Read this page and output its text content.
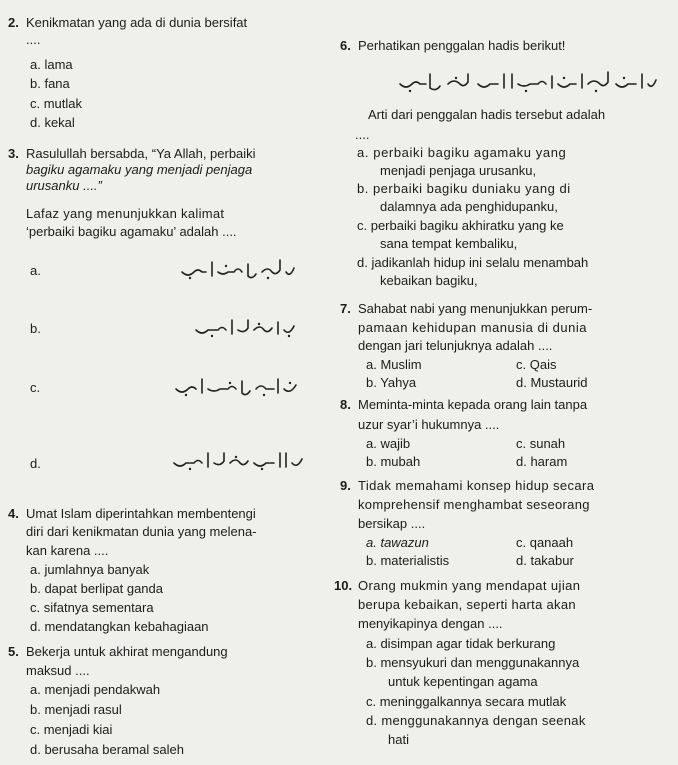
2. Kenikmatan yang ada di dunia bersifat
....
a. lama
b. fana
c. mutlak
d. kekal
3. Rasulullah bersabda, “Ya Allah, perbaiki
bagiku agamaku yang menjadi penjaga
urusanku ....”
Lafaz yang menunjukkan kalimat
‘perbaiki bagiku agamaku’ adalah ....
a.
b.
c.
d.
4. Umat Islam diperintahkan membentengi
diri dari kenikmatan dunia yang melena-
kan karena ....
a. jumlahnya banyak
b. dapat berlipat ganda
c. sifatnya sementara
d. mendatangkan kebahagiaan
5. Bekerja untuk akhirat mengandung
maksud ....
a. menjadi pendakwah
b. menjadi rasul
c. menjadi kiai
d. berusaha beramal saleh
6. Perhatikan penggalan hadis berikut!
Arti dari penggalan hadis tersebut adalah
....
a. perbaiki bagiku agamaku yang
menjadi penjaga urusanku,
b. perbaiki bagiku duniaku yang di
dalamnya ada penghidupanku,
c. perbaiki bagiku akhiratku yang ke
sana tempat kembaliku,
d. jadikanlah hidup ini selalu menambah
kebaikan bagiku,
7. Sahabat nabi yang menunjukkan perum-
pamaan kehidupan manusia di dunia
dengan jari telunjuknya adalah ....
a. Muslim	c. Qais
b. Yahya	d. Mustaurid
8. Meminta-minta kepada orang lain tanpa
uzur syar’i hukumnya ....
a. wajib	c. sunah
b. mubah	d. haram
9. Tidak memahami konsep hidup secara
komprehensif menghambat seseorang
bersikap ....
a. tawazun	c. qanaah
b. materialistis	d. takabur
10. Orang mukmin yang mendapat ujian
berupa kebaikan, seperti harta akan
menyikapinya dengan ....
a. disimpan agar tidak berkurang
b. mensyukuri dan menggunakannya
untuk kepentingan agama
c. meninggalkannya secara mutlak
d. menggunakannya dengan seenak
hati
